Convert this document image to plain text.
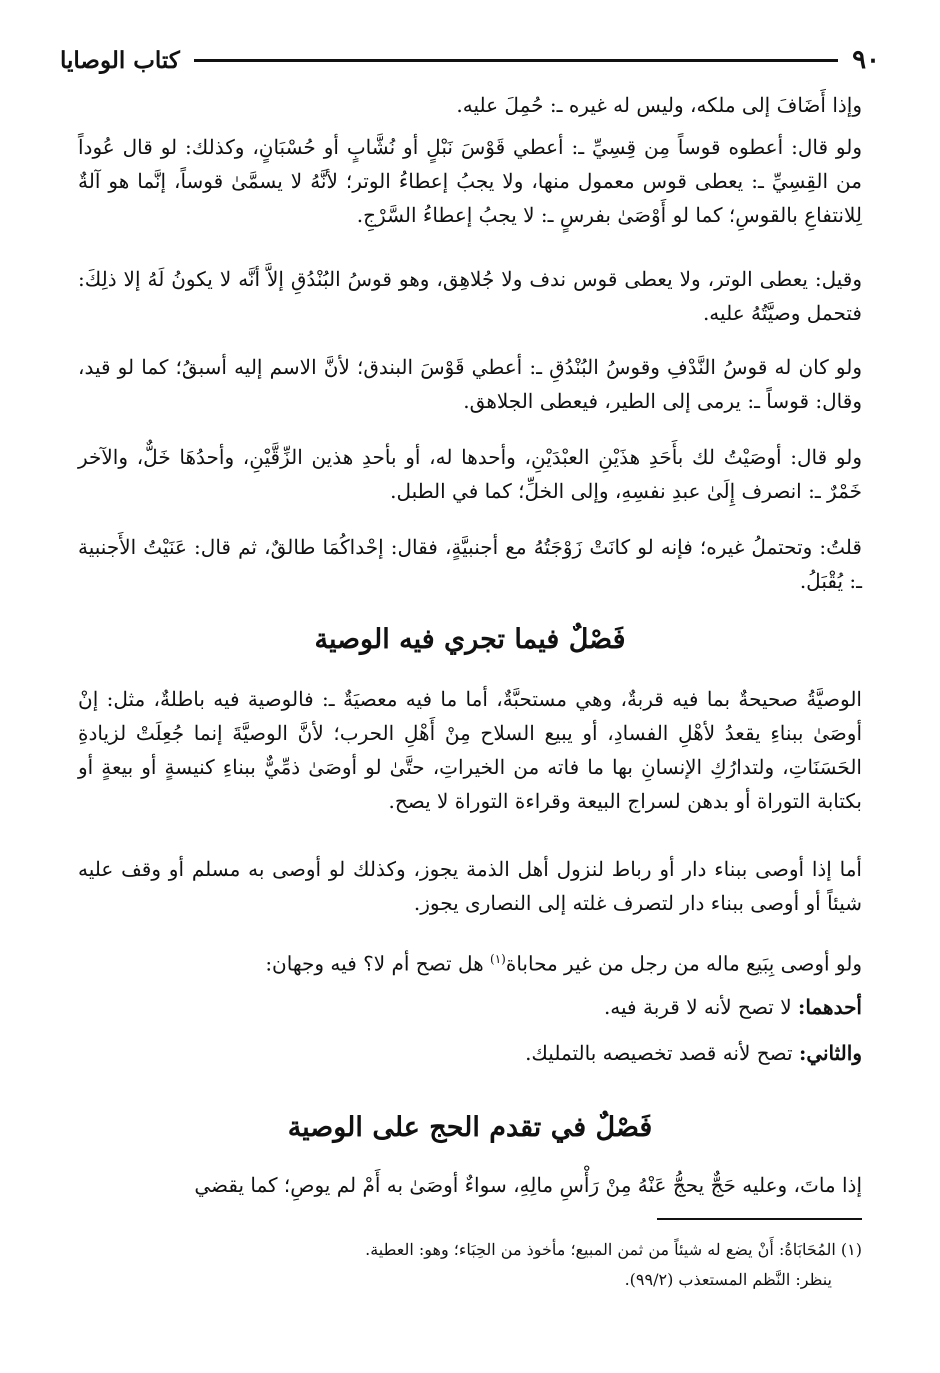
٩٠
كتاب الوصايا

وإذا أَضَافَ إلى ملكه، وليس له غيره ـ: حُمِلَ عليه.

ولو قال: أعطوه قوساً مِن قِسِيِّ ـ: أعطي قَوْسَ نَبْلٍ أو نُشَّابٍ أو حُسْبَانٍ، وكذلك: لو قال عُوداً من القِسِيِّ ـ: يعطى قوس معمول منها، ولا يجبُ إعطاءُ الوتر؛ لأنَّهُ لا يسمَّىٰ قوساً، إنَّما هو آلةٌ لِلانتفاعِ بالقوسِ؛ كما لو أَوْصَىٰ بفرسٍ ـ: لا يجبُ إعطاءُ السَّرْجِ.

وقيل: يعطى الوتر، ولا يعطى قوس ندف ولا جُلاهِق، وهو قوسُ البُنْدُقِ إلاَّ أنَّه لا يكونُ لَهُ إلا ذلِكَ: فتحمل وصيَّتُهُ عليه.

ولو كان له قوسُ النَّدْفِ وقوسُ البُنْدُقِ ـ: أعطي قَوْسَ البندق؛ لأنَّ الاسم إليه أسبقُ؛ كما لو قيد، وقال: قوساً ـ: يرمى إلى الطير، فيعطى الجلاهق.

ولو قال: أوصَيْتُ لك بأَحَدِ هذَيْنِ العبْدَيْنِ، وأحدها له، أو بأحدِ هذين الزِّقَّيْنِ، وأحدُهَا خَلٌّ، والآخر خَمْرٌ ـ: انصرف إِلَىٰ عبدِ نفسِهِ، وإلى الخلِّ؛ كما في الطبل.

قلتُ: وتحتملُ غيره؛ فإنه لو كانَتْ زَوْجَتُهُ مع أجنبيَّةٍ، فقال: إحْداكُمَا طالقٌ، ثم قال: عَنَيْتُ الأَجنبية ـ: يُقْبَلُ.

فَصْلٌ فيما تجري فيه الوصية

الوصيَّةُ صحيحةٌ بما فيه قربةٌ، وهي مستحبَّةٌ، أما ما فيه معصيَةٌ ـ: فالوصية فيه باطلةٌ، مثل: إنْ أوصَىٰ ببناءِ يقعدُ لأهْلِ الفسادِ، أو يبيع السلاح مِنْ أَهْلِ الحرب؛ لأنَّ الوصيَّةَ إنما جُعِلَتْ لزيادةِ الحَسَنَاتِ، ولتدارُكِ الإنسانِ بها ما فاته من الخيراتِ، حتَّىٰ لو أوصَىٰ ذمِّيٌّ ببناءِ كنيسةٍ أو بيعةٍ أو بكتابة التوراة أو بدهن لسراج البيعة وقراءة التوراة لا يصح.

أما إذا أوصى ببناء دار أو رباط لنزول أهل الذمة يجوز، وكذلك لو أوصى به مسلم أو وقف عليه شيئاً أو أوصى ببناء دار لتصرف غلته إلى النصارى يجوز.

ولو أوصى بِبَيع ماله من رجل من غير محاباة$^{(١)}$ هل تصح أم لا؟ فيه وجهان:

أحدهما: لا تصح لأنه لا قربة فيه.

والثاني: تصح لأنه قصد تخصيصه بالتمليك.

فَصْلٌ في تقدم الحج على الوصية

إذا ماتَ، وعليه حَجٌّ يحجُّ عَنْهُ مِنْ رَأْسِ مالِهِ، سواءٌ أوصَىٰ به أَمْ لم يوصِ؛ كما يقضي

(١) المُحَابَاةُ: أَنْ يضع له شيئاً من ثمن المبيع؛ مأخوذ من الحِبَاء؛ وهو: العطية.

ينظر: النَّظم المستعذب (٩٩/٢).
